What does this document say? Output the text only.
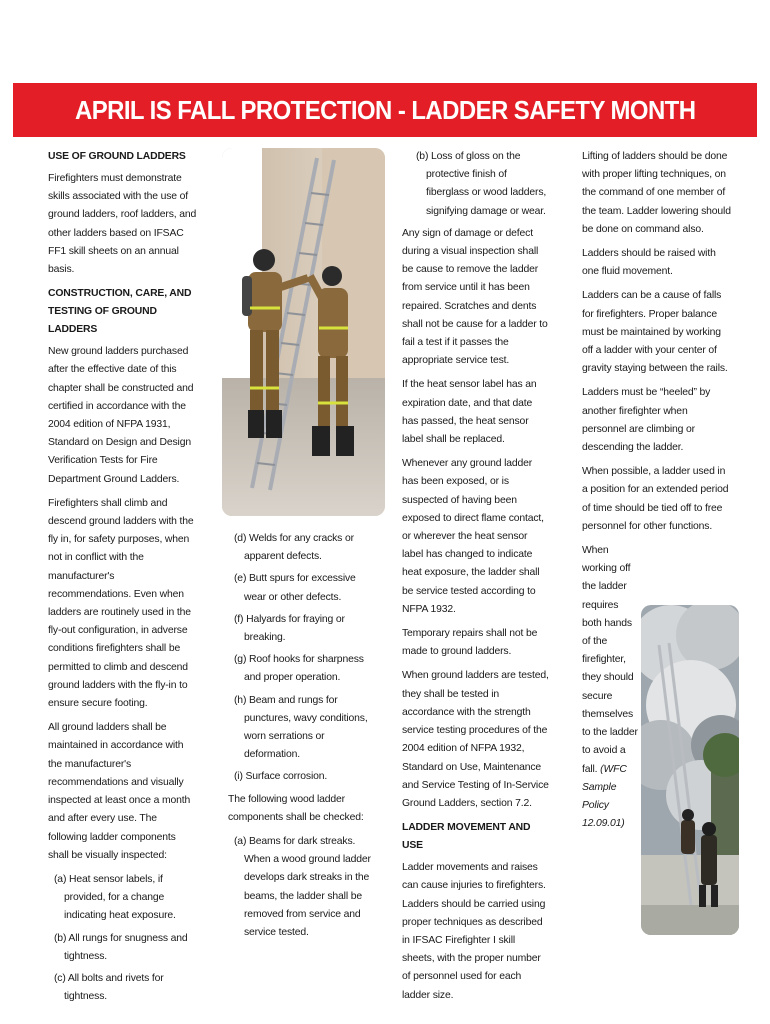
APRIL IS FALL PROTECTION - LADDER SAFETY MONTH
USE OF GROUND LADDERS

Firefighters must demonstrate skills associated with the use of ground ladders, roof ladders, and other ladders based on IFSAC FF1 skill sheets on an annual basis.

CONSTRUCTION, CARE, AND TESTING OF GROUND LADDERS

New ground ladders purchased after the effective date of this chapter shall be constructed and certified in accordance with the 2004 edition of NFPA 1931, Standard on Design and Design Verification Tests for Fire Department Ground Ladders.

Firefighters shall climb and descend ground ladders with the fly in, for safety purposes, when not in conflict with the manufacturer's recommendations. Even when ladders are routinely used in the fly-out configuration, in adverse conditions firefighters shall be permitted to climb and descend ground ladders with the fly-in to ensure secure footing.

All ground ladders shall be maintained in accordance with the manufacturer's recommendations and visually inspected at least once a month and after every use. The following ladder components shall be visually inspected:

(a) Heat sensor labels, if provided, for a change indicating heat exposure.
(b) All rungs for snugness and tightness.
(c) All bolts and rivets for tightness.
(d) Welds for any cracks or apparent defects.
(e) Butt spurs for excessive wear or other defects.
(f) Halyards for fraying or breaking.
(g) Roof hooks for sharpness and proper operation.
(h) Beam and rungs for punctures, wavy conditions, worn serrations or deformation.
(i) Surface corrosion.

The following wood ladder components shall be checked:

(a) Beams for dark streaks. When a wood ground ladder develops dark streaks in the beams, the ladder shall be removed from service and service tested.
(b) Loss of gloss on the protective finish of fiberglass or wood ladders, signifying damage or wear.

Any sign of damage or defect during a visual inspection shall be cause to remove the ladder from service until it has been repaired. Scratches and dents shall not be cause for a ladder to fail a test if it passes the appropriate service test.

If the heat sensor label has an expiration date, and that date has passed, the heat sensor label shall be replaced.

Whenever any ground ladder has been exposed, or is suspected of having been exposed to direct flame contact, or wherever the heat sensor label has changed to indicate heat exposure, the ladder shall be service tested according to NFPA 1932.

Temporary repairs shall not be made to ground ladders.

When ground ladders are tested, they shall be tested in accordance with the strength service testing procedures of the 2004 edition of NFPA 1932, Standard on Use, Maintenance and Service Testing of In-Service Ground Ladders, section 7.2.

LADDER MOVEMENT AND USE

Ladder movements and raises can cause injuries to firefighters. Ladders should be carried using proper techniques as described in IFSAC Firefighter I skill sheets, with the proper number of personnel used for each ladder size.

Lifting of ladders should be done with proper lifting techniques, on the command of one member of the team. Ladder lowering should be done on command also.

Ladders should be raised with one fluid movement.

Ladders can be a cause of falls for firefighters. Proper balance must be maintained by working off a ladder with your center of gravity staying between the rails.

Ladders must be “heeled” by another firefighter when personnel are climbing or descending the ladder.

When possible, a ladder used in a position for an extended period of time should be tied off to free personnel for other functions.

When working off the ladder requires both hands of the firefighter, they should secure themselves to the ladder to avoid a fall. (WFC Sample Policy 12.09.01)
